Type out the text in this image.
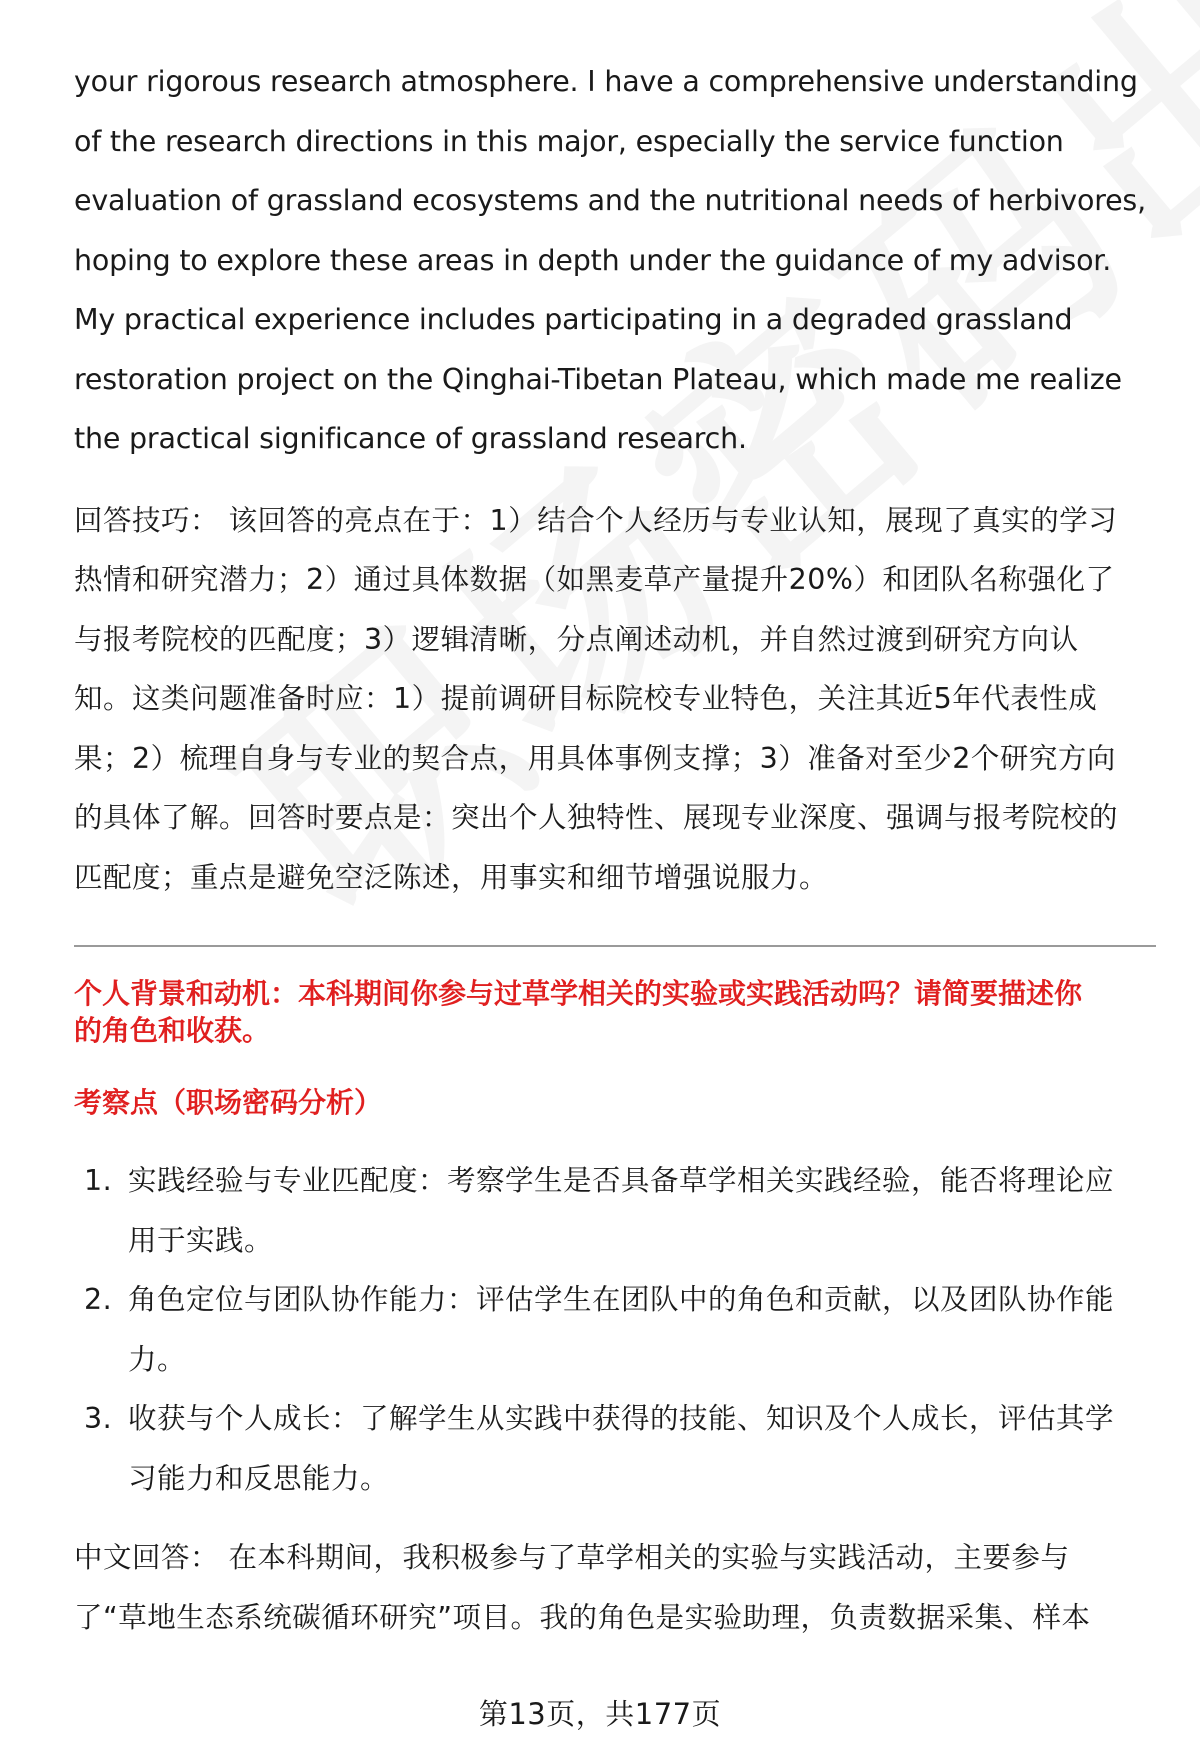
your rigorous research atmosphere. I have a comprehensive understanding
of the research directions in this major, especially the service function
evaluation of grassland ecosystems and the nutritional needs of herbivores,
hoping to explore these areas in depth under the guidance of my advisor.
My practical experience includes participating in a degraded grassland
restoration project on the Qinghai-Tibetan Plateau, which made me realize
the practical significance of grassland research.
回答技巧： 该回答的亮点在于：1）结合个人经历与专业认知，展现了真实的学习
热情和研究潜力；2）通过具体数据（如黑麦草产量提升20%）和团队名称强化了
与报考院校的匹配度；3）逻辑清晰，分点阐述动机，并自然过渡到研究方向认
知。这类问题准备时应：1）提前调研目标院校专业特色，关注其近5年代表性成
果；2）梳理自身与专业的契合点，用具体事例支撑；3）准备对至少2个研究方向
的具体了解。回答时要点是：突出个人独特性、展现专业深度、强调与报考院校的
匹配度；重点是避免空泛陈述，用事实和细节增强说服力。
个人背景和动机：本科期间你参与过草学相关的实验或实践活动吗？请简要描述你
的角色和收获。
考察点（职场密码分析）
1. 实践经验与专业匹配度：考察学生是否具备草学相关实践经验，能否将理论应
用于实践。
2. 角色定位与团队协作能力：评估学生在团队中的角色和贡献，以及团队协作能
力。
3. 收获与个人成长：了解学生从实践中获得的技能、知识及个人成长，评估其学
习能力和反思能力。
中文回答： 在本科期间，我积极参与了草学相关的实验与实践活动，主要参与
了“草地生态系统碳循环研究”项目。我的角色是实验助理，负责数据采集、样本
第13页，共177页
